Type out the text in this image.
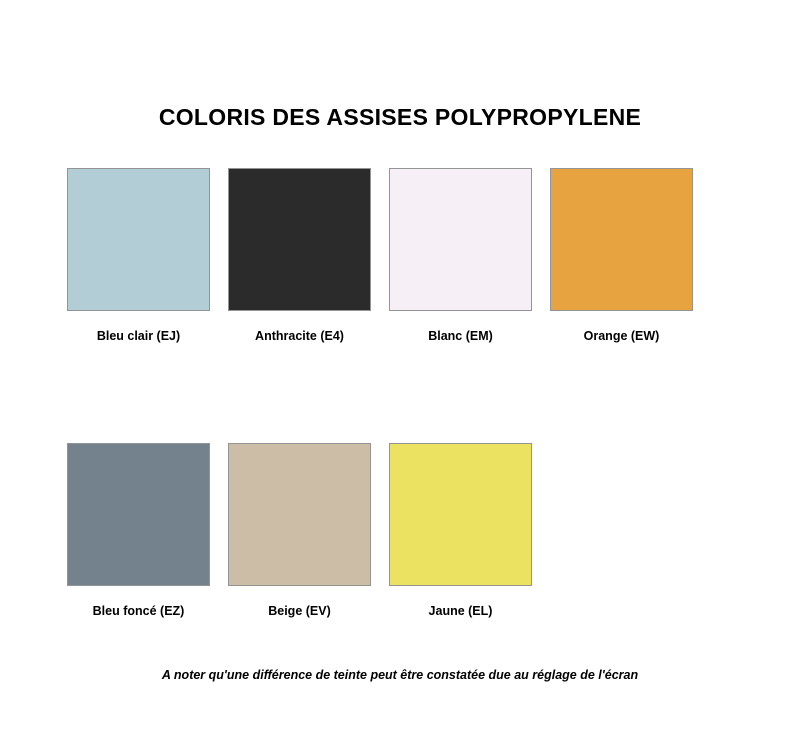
COLORIS DES ASSISES POLYPROPYLENE
Bleu clair (EJ)	Anthracite (E4)	Blanc (EM)	Orange (EW)
Bleu foncé (EZ)	Beige (EV)	Jaune (EL)
A noter qu'une différence de teinte peut être constatée due au réglage de l'écran
